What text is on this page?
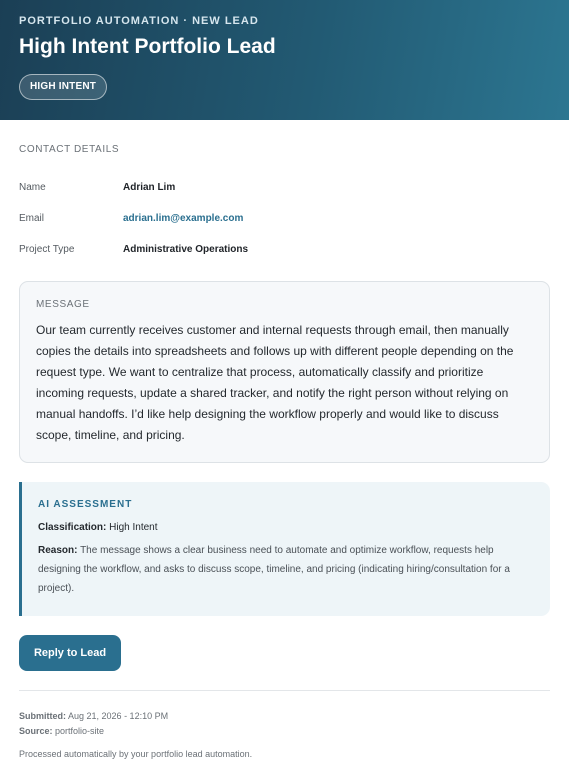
PORTFOLIO AUTOMATION · NEW LEAD
High Intent Portfolio Lead
HIGH INTENT
CONTACT DETAILS
Name	Adrian Lim
Email	adrian.lim@example.com
Project Type	Administrative Operations
MESSAGE
Our team currently receives customer and internal requests through email, then manually copies the details into spreadsheets and follows up with different people depending on the request type. We want to centralize that process, automatically classify and prioritize incoming requests, update a shared tracker, and notify the right person without relying on manual handoffs. I’d like help designing the workflow properly and would like to discuss scope, timeline, and pricing.
AI ASSESSMENT
Classification: High Intent
Reason: The message shows a clear business need to automate and optimize workflow, requests help designing the workflow, and asks to discuss scope, timeline, and pricing (indicating hiring/consultation for a project).
Reply to Lead
Submitted: Aug 21, 2026 - 12:10 PM
Source: portfolio-site
Processed automatically by your portfolio lead automation.
